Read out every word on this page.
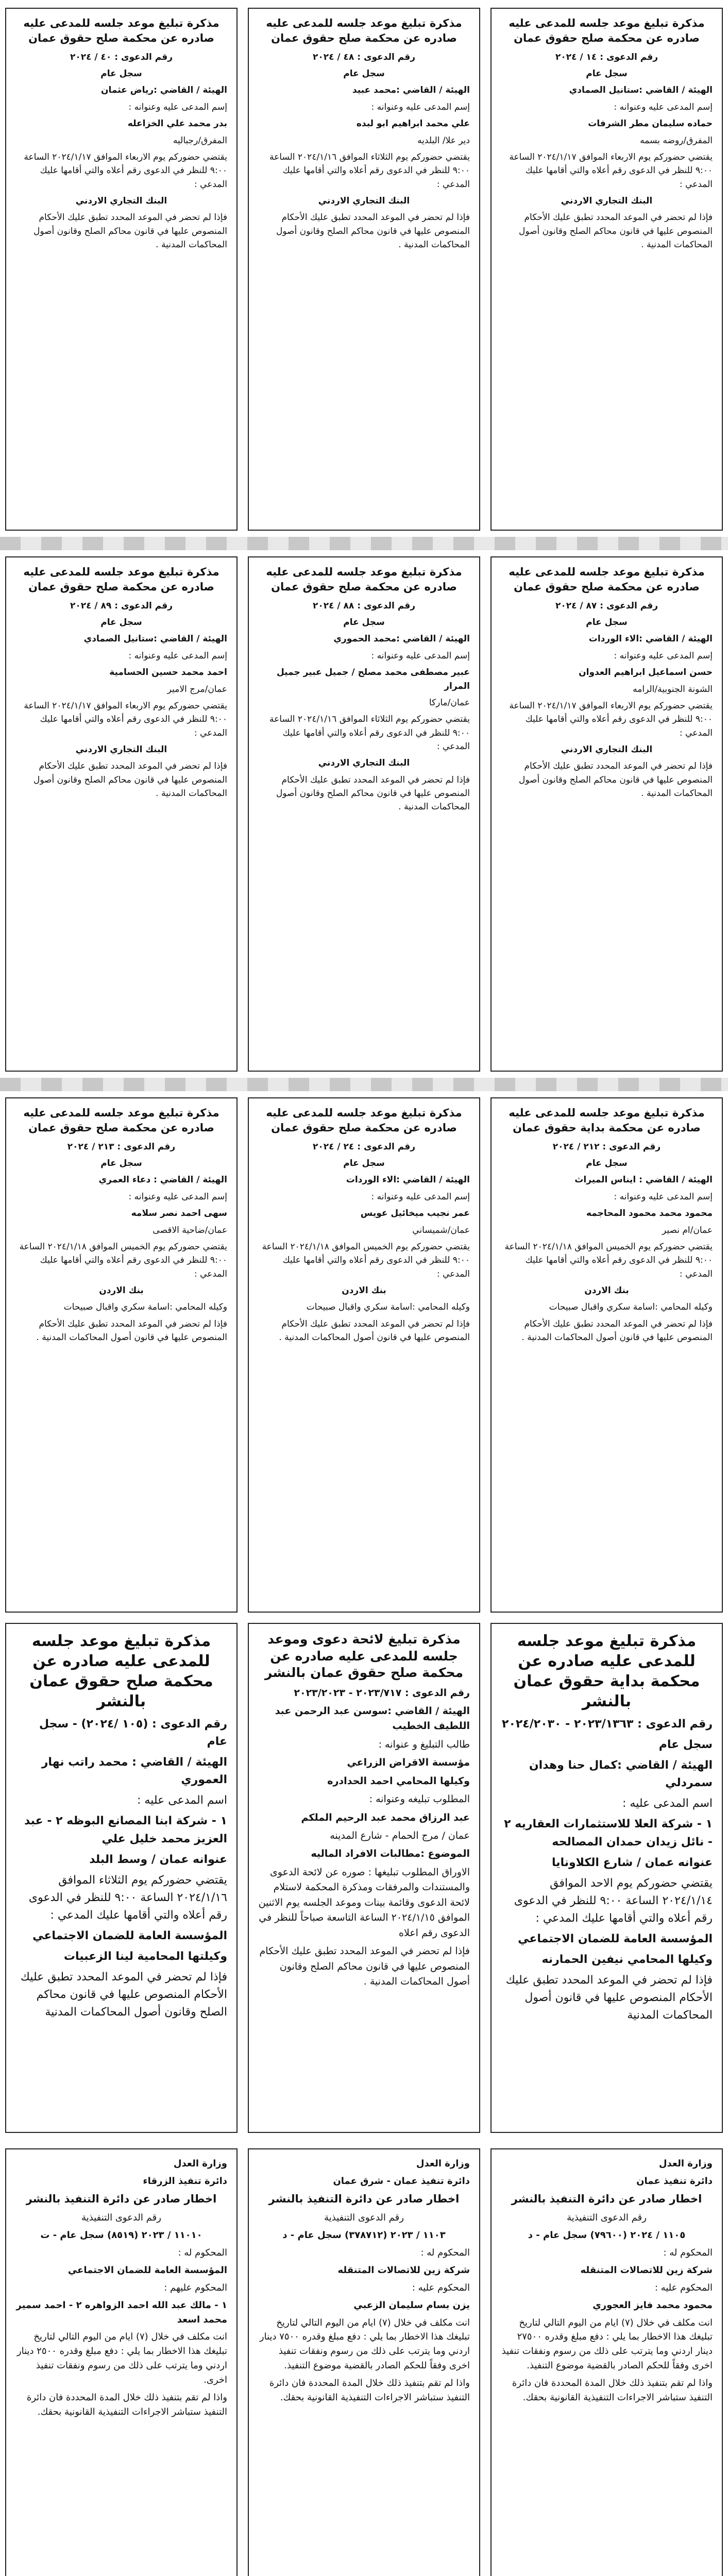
مذكرة تبليغ موعد جلسه للمدعى عليه صادره عن محكمة صلح حقوق عمان

رقم الدعوى : ١٤ / ٢٠٢٤

سجل عام

الهيئة / القاضي :ستانيل الصمادي

إسم المدعى عليه وعنوانه :

حماده سليمان مطر الشرفات

المفرق/روضه بسمه

يقتضي حضوركم يوم الاربعاء الموافق ٢٠٢٤/١/١٧ الساعة ٩:٠٠ للنظر في الدعوى رقم أعلاه والتي أقامها عليك المدعي :

البنك التجاري الاردني

فإذا لم تحضر في الموعد المحدد تطبق عليك الأحكام المنصوص عليها في قانون محاكم الصلح وقانون أصول المحاكمات المدنية .

مذكرة تبليغ موعد جلسه للمدعى عليه صادره عن محكمة صلح حقوق عمان

رقم الدعوى : ٤٨ / ٢٠٢٤

سجل عام

الهيئة / القاضي :محمد عبيد

إسم المدعى عليه وعنوانه :

علي محمد ابراهيم ابو لبده

دير علا/ البلديه

يقتضي حضوركم يوم الثلاثاء الموافق ٢٠٢٤/١/١٦ الساعة ٩:٠٠ للنظر في الدعوى رقم أعلاه والتي أقامها عليك المدعي :

البنك التجاري الاردني

فإذا لم تحضر في الموعد المحدد تطبق عليك الأحكام المنصوص عليها في قانون محاكم الصلح وقانون أصول المحاكمات المدنية .

مذكرة تبليغ موعد جلسه للمدعى عليه صادره عن محكمة صلح حقوق عمان

رقم الدعوى : ٤٠ / ٢٠٢٤

سجل عام

الهيئة / القاضي :رياض عثمان

إسم المدعى عليه وعنوانه :

بدر محمد علي الخزاعله

المفرق/رجباليه

يقتضي حضوركم يوم الاربعاء الموافق ٢٠٢٤/١/١٧ الساعة ٩:٠٠ للنظر في الدعوى رقم أعلاه والتي أقامها عليك المدعي :

البنك التجاري الاردني

فإذا لم تحضر في الموعد المحدد تطبق عليك الأحكام المنصوص عليها في قانون محاكم الصلح وقانون أصول المحاكمات المدنية .

مذكرة تبليغ موعد جلسه للمدعى عليه صادره عن محكمة صلح حقوق عمان

رقم الدعوى : ٨٧ / ٢٠٢٤

سجل عام

الهيئة / القاضي :الاء الوردات

إسم المدعى عليه وعنوانه :

حسن اسماعيل ابراهيم العدوان

الشونة الجنوبية/الرامه

يقتضي حضوركم يوم الاربعاء الموافق ٢٠٢٤/١/١٧ الساعة ٩:٠٠ للنظر في الدعوى رقم أعلاه والتي أقامها عليك المدعي :

البنك التجاري الاردني

فإذا لم تحضر في الموعد المحدد تطبق عليك الأحكام المنصوص عليها في قانون محاكم الصلح وقانون أصول المحاكمات المدنية .

مذكرة تبليغ موعد جلسه للمدعى عليه صادره عن محكمة صلح حقوق عمان

رقم الدعوى : ٨٨ / ٢٠٢٤

سجل عام

الهيئة / القاضي :محمد الحموري

إسم المدعى عليه وعنوانه :

عبير مصطفى محمد مصلح / جميل عبير جميل المرار

عمان/ماركا

يقتضي حضوركم يوم الثلاثاء الموافق ٢٠٢٤/١/١٦ الساعة ٩:٠٠ للنظر في الدعوى رقم أعلاه والتي أقامها عليك المدعي :

البنك التجاري الاردني

فإذا لم تحضر في الموعد المحدد تطبق عليك الأحكام المنصوص عليها في قانون محاكم الصلح وقانون أصول المحاكمات المدنية .

مذكرة تبليغ موعد جلسه للمدعى عليه صادره عن محكمة صلح حقوق عمان

رقم الدعوى : ٨٩ / ٢٠٢٤

سجل عام

الهيئة / القاضي :ستانيل الصمادي

إسم المدعى عليه وعنوانه :

احمد محمد حسين الحسامية

عمان/مرج الامير

يقتضي حضوركم يوم الاربعاء الموافق ٢٠٢٤/١/١٧ الساعة ٩:٠٠ للنظر في الدعوى رقم أعلاه والتي أقامها عليك المدعي :

البنك التجاري الاردني

فإذا لم تحضر في الموعد المحدد تطبق عليك الأحكام المنصوص عليها في قانون محاكم الصلح وقانون أصول المحاكمات المدنية .

مذكرة تبليغ موعد جلسه للمدعى عليه صادره عن محكمة بداية حقوق عمان

رقم الدعوى : ٢١٢ / ٢٠٢٤

سجل عام

الهيئة / القاضي : ايناس الميراث

إسم المدعى عليه وعنوانه :

محمود محمد محمود المحاجمه

عمان/ام نصير

يقتضي حضوركم يوم الخميس الموافق ٢٠٢٤/١/١٨ الساعة ٩:٠٠ للنظر في الدعوى رقم أعلاه والتي أقامها عليك المدعي :

بنك الاردن

وكيله المحامي :اسامة سكري واقبال صبيحات

فإذا لم تحضر في الموعد المحدد تطبق عليك الأحكام المنصوص عليها في قانون أصول المحاكمات المدنية .

مذكرة تبليغ موعد جلسه للمدعى عليه صادره عن محكمة صلح حقوق عمان

رقم الدعوى : ٢٤ / ٢٠٢٤

سجل عام

الهيئة / القاضي :الاء الوردات

إسم المدعى عليه وعنوانه :

عمر نجيب ميخائيل عويس

عمان/شميساني

يقتضي حضوركم يوم الخميس الموافق ٢٠٢٤/١/١٨ الساعة ٩:٠٠ للنظر في الدعوى رقم أعلاه والتي أقامها عليك المدعي :

بنك الاردن

وكيله المحامي :اسامة سكري واقبال صبيحات

فإذا لم تحضر في الموعد المحدد تطبق عليك الأحكام المنصوص عليها في قانون أصول المحاكمات المدنية .

مذكرة تبليغ موعد جلسه للمدعى عليه صادره عن محكمة صلح حقوق عمان

رقم الدعوى : ٢١٣ / ٢٠٢٤

سجل عام

الهيئة / القاضي : دعاء العمري

إسم المدعى عليه وعنوانه :

سهى احمد نصر سلامه

عمان/ضاحية الاقصى

يقتضي حضوركم يوم الخميس الموافق ٢٠٢٤/١/١٨ الساعة ٩:٠٠ للنظر في الدعوى رقم أعلاه والتي أقامها عليك المدعي :

بنك الاردن

وكيله المحامي :اسامة سكري واقبال صبيحات

فإذا لم تحضر في الموعد المحدد تطبق عليك الأحكام المنصوص عليها في قانون أصول المحاكمات المدنية .

مذكرة تبليغ موعد جلسه للمدعى عليه صادره عن محكمة بداية حقوق عمان بالنشر

رقم الدعوى : ٢٠٢٣/١٣٦٣ - ٢٠٢٤/٢٠٣٠

سجل عام

الهيئة / القاضي :كمال حنا وهدان سمردلي

اسم المدعى عليه :

١ - شركة العلا للاستثمارات العقاريه ٢ - نائل زيدان حمدان المصالحه

عنوانه عمان / شارع الكلاونايا

يقتضي حضوركم يوم الاحد الموافق ٢٠٢٤/١/١٤ الساعة ٩:٠٠ للنظر في الدعوى رقم أعلاه والتي أقامها عليك المدعي :

المؤسسة العامة للضمان الاجتماعي

وكيلها المحامي نيفين الحمارنه

فإذا لم تحضر في الموعد المحدد تطبق عليك الأحكام المنصوص عليها في قانون أصول المحاكمات المدنية

مذكرة تبليغ لائحة دعوى وموعد جلسه للمدعى عليه صادره عن محكمة صلح حقوق عمان بالنشر

رقم الدعوى : ٢٠٢٣/٧١٧ - ٢٠٢٣/٢٠٢٣

الهيئة / القاضي :سوسن عبد الرحمن عبد اللطيف الخطيب

طالب التبليغ و عنوانه :

مؤسسة الاقراض الزراعي

وكيلها المحامي احمد الحدادره

المطلوب تبليغه وعنوانه :

عبد الرزاق محمد عبد الرحيم الملكم

عمان / مرج الحمام - شارع المدينه

الموضوع :مطالبات الافراد الماليه

الاوراق المطلوب تبليغها : صوره عن لائحة الدعوى والمستندات والمرفقات ومذكرة المحكمة لاستلام لائحة الدعوى وقائمة بينات وموعد الجلسه يوم الاثنين الموافق ٢٠٢٤/١/١٥ الساعة التاسعة صباحاً للنظر في الدعوى رقم اعلاه

فإذا لم تحضر في الموعد المحدد تطبق عليك الأحكام المنصوص عليها في قانون محاكم الصلح وقانون أصول المحاكمات المدنية .

مذكرة تبليغ موعد جلسه للمدعى عليه صادره عن محكمة صلح حقوق عمان بالنشر

رقم الدعوى : (١٠٥ /٢٠٢٤) - سجل عام

الهيئة / القاضي : محمد راتب نهار العموري

اسم المدعى عليه :

١ - شركة ابنا المصانع البوظه ٢ - عبد العزيز محمد خليل علي

عنوانه عمان / وسط البلد

يقتضي حضوركم يوم الثلاثاء الموافق ٢٠٢٤/١/١٦ الساعة ٩:٠٠ للنظر في الدعوى رقم أعلاه والتي أقامها عليك المدعي :

المؤسسة العامة للضمان الاجتماعي

وكيلتها المحامية لينا الزعبيات

فإذا لم تحضر في الموعد المحدد تطبق عليك الأحكام المنصوص عليها في قانون محاكم الصلح وقانون أصول المحاكمات المدنية

وزارة العدل

دائرة تنفيذ عمان

اخطار صادر عن دائرة التنفيذ بالنشر

رقم الدعوى التنفيذية

١١٠٥ / ٢٠٢٤ (٧٩٦٠٠) سجل عام - د

المحكوم له :

شركة زين للاتصالات المتنقله

المحكوم عليه :

محمود محمد فايز العجوري

انت مكلف في خلال (٧) ايام من اليوم التالي لتاريخ تبليغك هذا الاخطار بما يلي : دفع مبلغ وقدره ٢٧٥٠٠ دينار اردني وما يترتب على ذلك من رسوم ونفقات تنفيذ اخرى وفقاً للحكم الصادر بالقضية موضوع التنفيذ.

واذا لم تقم بتنفيذ ذلك خلال المدة المحددة فان دائرة التنفيذ ستباشر الاجراءات التنفيذية القانونية بحقك.

وزارة العدل

دائرة تنفيذ عمان - شرق عمان

اخطار صادر عن دائرة التنفيذ بالنشر

رقم الدعوى التنفيذية

١١٠٣ / ٢٠٢٣ (٣٧٨٧١٢) سجل عام - د

المحكوم له :

شركة زين للاتصالات المتنقله

المحكوم عليه :

يزن بسام سليمان الزعبي

انت مكلف في خلال (٧) ايام من اليوم التالي لتاريخ تبليغك هذا الاخطار بما يلي : دفع مبلغ وقدره ٧٥٠٠ دينار اردني وما يترتب على ذلك من رسوم ونفقات تنفيذ اخرى وفقاً للحكم الصادر بالقضية موضوع التنفيذ.

واذا لم تقم بتنفيذ ذلك خلال المدة المحددة فان دائرة التنفيذ ستباشر الاجراءات التنفيذية القانونية بحقك.

وزارة العدل

دائرة تنفيذ الزرقاء

اخطار صادر عن دائرة التنفيذ بالنشر

رقم الدعوى التنفيذية

١١٠١٠ / ٢٠٢٣ (٨٥١٩) سجل عام - ت

المحكوم له :

المؤسسة العامة للضمان الاجتماعي

المحكوم عليهم :

١ - مالك عبد الله احمد الزواهره ٢ - احمد سمير محمد اسعد

انت مكلف في خلال (٧) ايام من اليوم التالي لتاريخ تبليغك هذا الاخطار بما يلي : دفع مبلغ وقدره ٢٥٠٠ دينار اردني وما يترتب على ذلك من رسوم ونفقات تنفيذ اخرى.

واذا لم تقم بتنفيذ ذلك خلال المدة المحددة فان دائرة التنفيذ ستباشر الاجراءات التنفيذية القانونية بحقك.
